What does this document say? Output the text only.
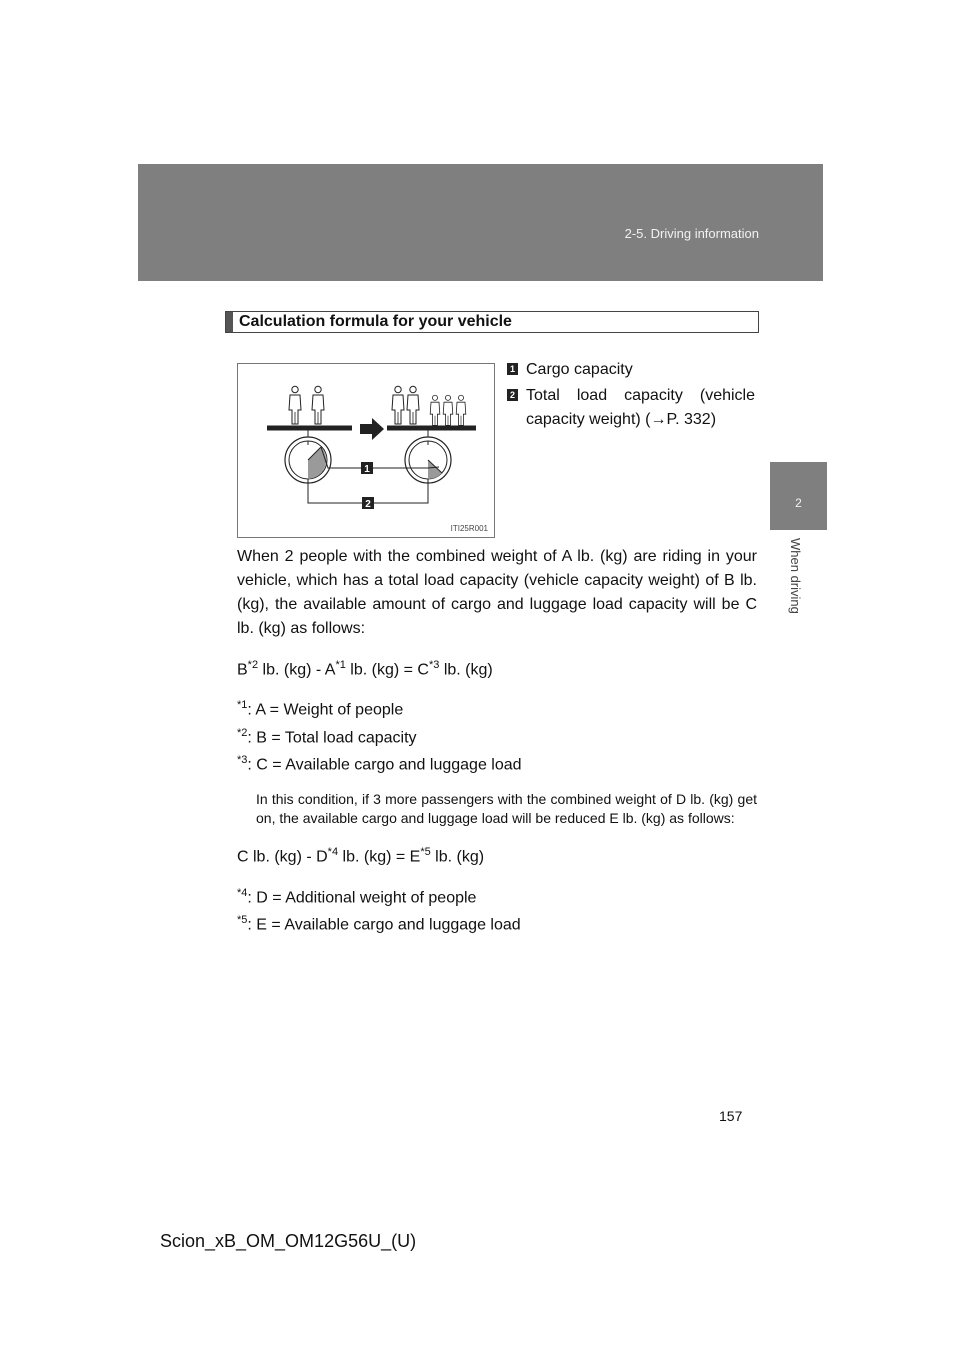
2-5. Driving information
2
When driving
Calculation formula for your vehicle
1
2
ITI25R001
1 Cargo capacity
2 Total load capacity (vehicle capacity weight) (→P. 332)

When 2 people with the combined weight of A lb. (kg) are riding in your vehicle, which has a total load capacity (vehicle capacity weight) of B lb. (kg), the available amount of cargo and luggage load capacity will be C lb. (kg) as follows:

$B^{*2}$ lb. $(kg) - A^{*1}$ lb. $(kg) = C^{*3}$ lb. (kg)

$^{*1}$: A = Weight of people

$^{*2}$: B = Total load capacity

$^{*3}$: C = Available cargo and luggage load

In this condition, if 3 more passengers with the combined weight of D lb. (kg) get on, the available cargo and luggage load will be reduced E lb. (kg) as follows:

C lb. $(kg) - D^{*4}$ lb. $(kg) = E^{*5}$ lb. (kg)

$^{*4}$: D = Additional weight of people

$^{*5}$: E = Available cargo and luggage load

157
Scion_xB_OM_OM12G56U_(U)
